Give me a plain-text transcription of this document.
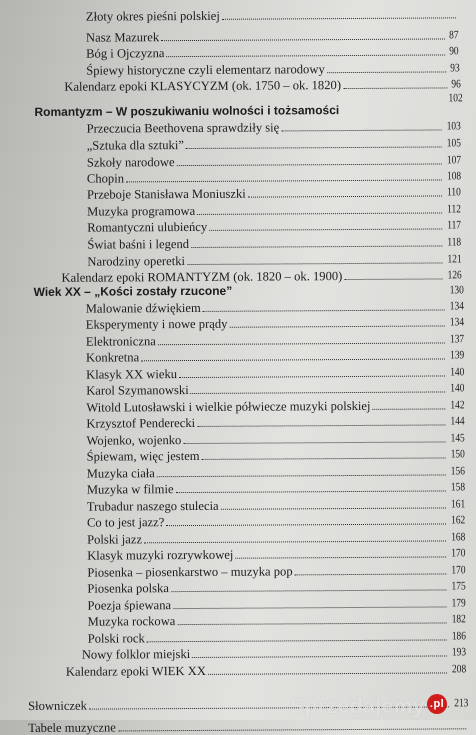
Złoty okres pieśni polskiej
Nasz Mazurek	87
Bóg i Ojczyzna	90
Śpiewy historyczne czyli elementarz narodowy	93
Kalendarz epoki KLASYCYZM (ok. 1750 – ok. 1820)	96
102
Romantyzm – W poszukiwaniu wolności i tożsamości
Przeczucia Beethovena sprawdziły się	103
„Sztuka dla sztuki”	105
Szkoły narodowe	107
Chopin	108
Przeboje Stanisława Moniuszki	110
Muzyka programowa	112
Romantyczni ulubieńcy	117
Świat baśni i legend	118
Narodziny operetki	121
Kalendarz epoki ROMANTYZM (ok. 1820 – ok. 1900)	126
130
Wiek XX – „Kości zostały rzucone”
Malowanie dźwiękiem	134
Eksperymenty i nowe prądy	134
Elektroniczna	137
Konkretna	139
Klasyk XX wieku	140
Karol Szymanowski	140
Witold Lutosławski i wielkie półwiecze muzyki polskiej	142
Krzysztof Penderecki	144
Wojenko, wojenko	145
Śpiewam, więc jestem	150
Muzyka ciała	156
Muzyka w filmie	158
Trubadur naszego stulecia	161
Co to jest jazz?	162
Polski jazz	168
Klasyk muzyki rozrywkowej	170
Piosenka – piosenkarstwo – muzyka pop	170
Piosenka polska	175
Poezja śpiewana	179
Muzyka rockowa	182
Polski rock	186
Nowy folklor miejski	193
Kalendarz epoki WIEK XX	208
Słowniczek	213
Tabele muzyczne
Sprzedajemy .pl
